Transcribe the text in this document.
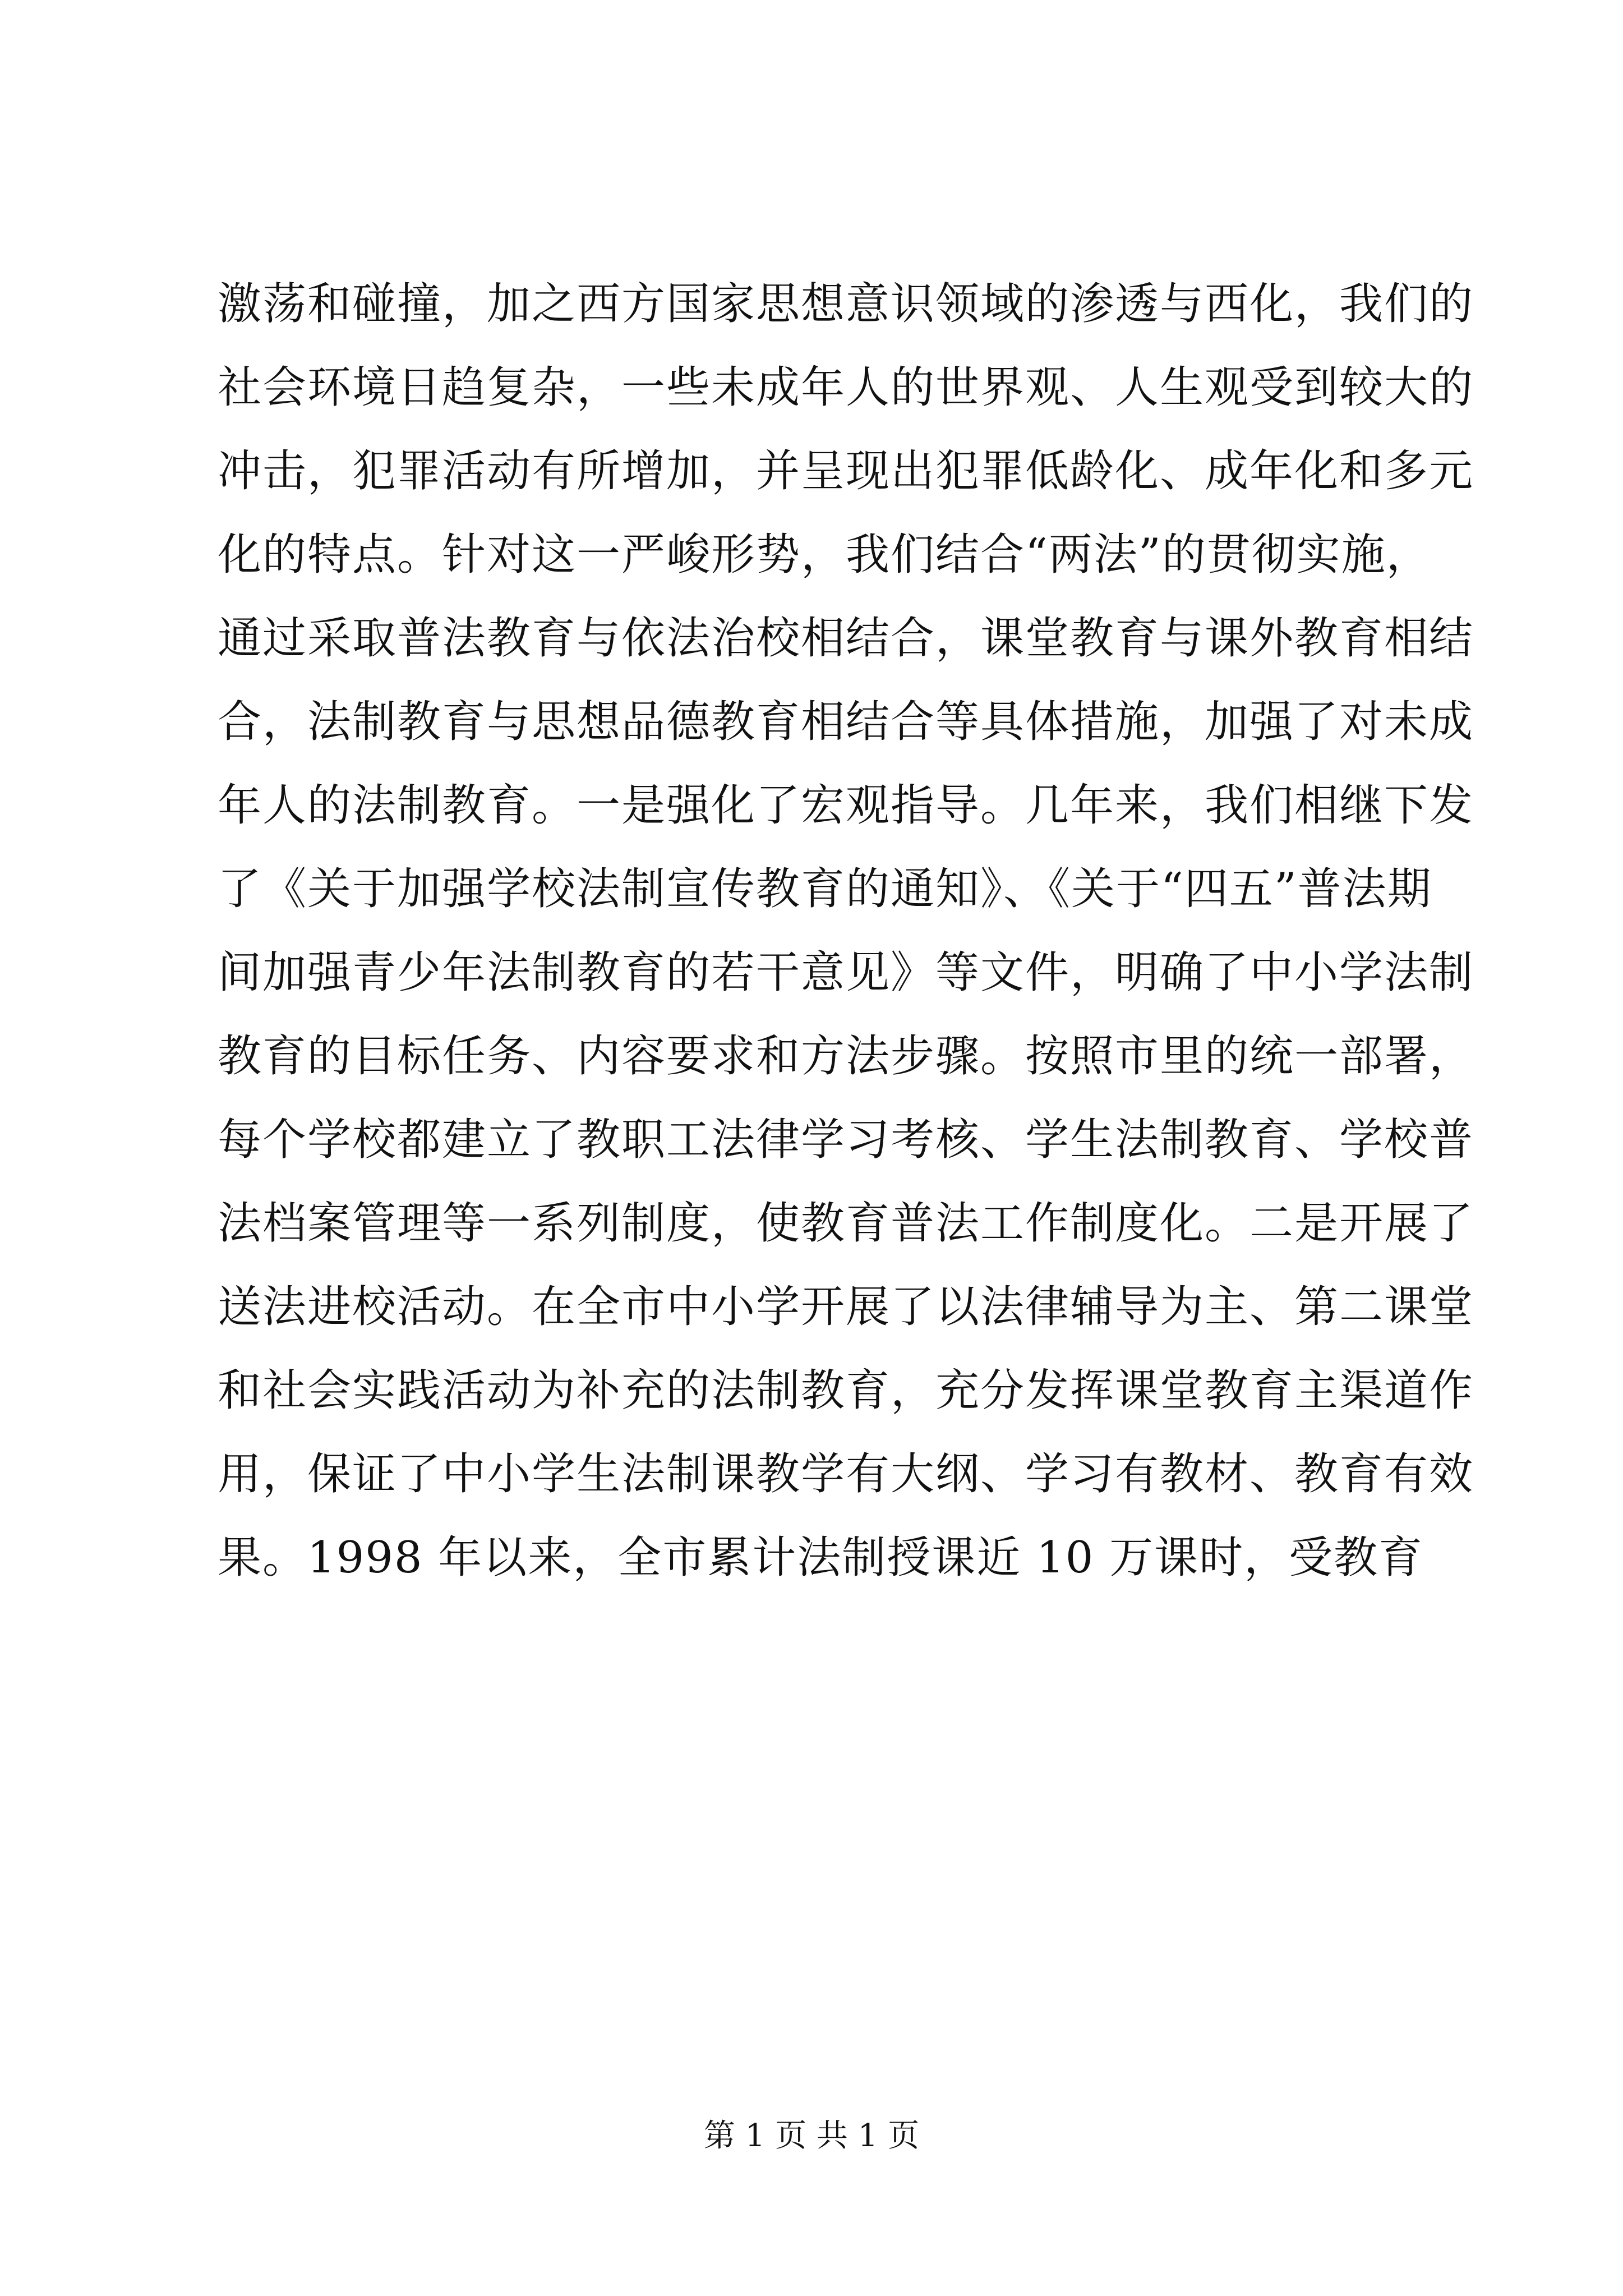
激荡和碰撞，加之西方国家思想意识领域的渗透与西化，我们的
社会环境日趋复杂，一些未成年人的世界观、人生观受到较大的
冲击，犯罪活动有所增加，并呈现出犯罪低龄化、成年化和多元
化的特点。针对这一严峻形势，我们结合“两法”的贯彻实施，
通过采取普法教育与依法治校相结合，课堂教育与课外教育相结
合，法制教育与思想品德教育相结合等具体措施，加强了对未成
年人的法制教育。一是强化了宏观指导。几年来，我们相继下发
了《关于加强学校法制宣传教育的通知》、《关于“四五”普法期
间加强青少年法制教育的若干意见》等文件，明确了中小学法制
教育的目标任务、内容要求和方法步骤。按照市里的统一部署，
每个学校都建立了教职工法律学习考核、学生法制教育、学校普
法档案管理等一系列制度，使教育普法工作制度化。二是开展了
送法进校活动。在全市中小学开展了以法律辅导为主、第二课堂
和社会实践活动为补充的法制教育，充分发挥课堂教育主渠道作
用，保证了中小学生法制课教学有大纲、学习有教材、教育有效
果。1998 年以来，全市累计法制授课近 10 万课时，受教育
第 1 页 共 1 页
